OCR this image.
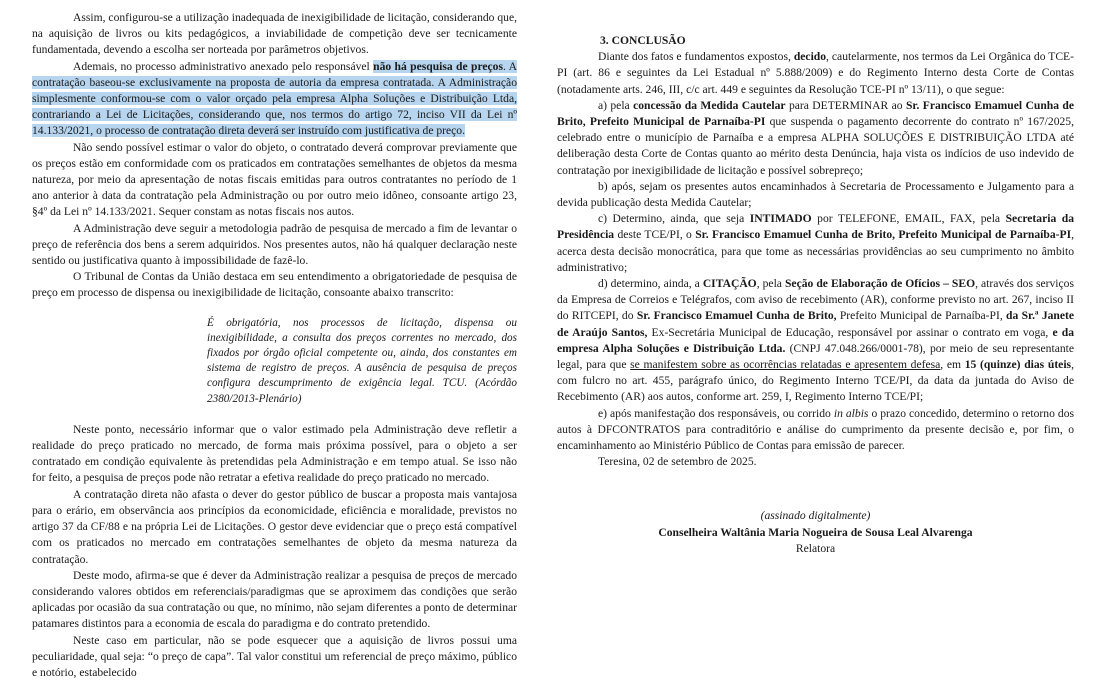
Assim, configurou-se a utilização inadequada de inexigibilidade de licitação, considerando que, na aquisição de livros ou kits pedagógicos, a inviabilidade de competição deve ser tecnicamente fundamentada, devendo a escolha ser norteada por parâmetros objetivos.

Ademais, no processo administrativo anexado pelo responsável não há pesquisa de preços. A contratação baseou-se exclusivamente na proposta de autoria da empresa contratada. A Administração simplesmente conformou-se com o valor orçado pela empresa Alpha Soluções e Distribuição Ltda, contrariando a Lei de Licitações, considerando que, nos termos do artigo 72, inciso VII da Lei nº 14.133/2021, o processo de contratação direta deverá ser instruído com justificativa de preço.

Não sendo possível estimar o valor do objeto, o contratado deverá comprovar previamente que os preços estão em conformidade com os praticados em contratações semelhantes de objetos da mesma natureza, por meio da apresentação de notas fiscais emitidas para outros contratantes no período de 1 ano anterior à data da contratação pela Administração ou por outro meio idôneo, consoante artigo 23, §4º da Lei nº 14.133/2021. Sequer constam as notas fiscais nos autos.

A Administração deve seguir a metodologia padrão de pesquisa de mercado a fim de levantar o preço de referência dos bens a serem adquiridos. Nos presentes autos, não há qualquer declaração neste sentido ou justificativa quanto à impossibilidade de fazê-lo.

O Tribunal de Contas da União destaca em seu entendimento a obrigatoriedade de pesquisa de preço em processo de dispensa ou inexigibilidade de licitação, consoante abaixo transcrito:

É obrigatória, nos processos de licitação, dispensa ou inexigibilidade, a consulta dos preços correntes no mercado, dos fixados por órgão oficial competente ou, ainda, dos constantes em sistema de registro de preços. A ausência de pesquisa de preços configura descumprimento de exigência legal. TCU. (Acórdão 2380/2013-Plenário)

Neste ponto, necessário informar que o valor estimado pela Administração deve refletir a realidade do preço praticado no mercado, de forma mais próxima possível, para o objeto a ser contratado em condição equivalente às pretendidas pela Administração e em tempo atual. Se isso não for feito, a pesquisa de preços pode não retratar a efetiva realidade do preço praticado no mercado.

A contratação direta não afasta o dever do gestor público de buscar a proposta mais vantajosa para o erário, em observância aos princípios da economicidade, eficiência e moralidade, previstos no artigo 37 da CF/88 e na própria Lei de Licitações. O gestor deve evidenciar que o preço está compatível com os praticados no mercado em contratações semelhantes de objeto da mesma natureza da contratação.

Deste modo, afirma-se que é dever da Administração realizar a pesquisa de preços de mercado considerando valores obtidos em referenciais/paradigmas que se aproximem das condições que serão aplicadas por ocasião da sua contratação ou que, no mínimo, não sejam diferentes a ponto de determinar patamares distintos para a economia de escala do paradigma e do contrato pretendido.

Neste caso em particular, não se pode esquecer que a aquisição de livros possui uma peculiaridade, qual seja: “o preço de capa”. Tal valor constitui um referencial de preço máximo, público e notório, estabelecido

3. CONCLUSÃO

Diante dos fatos e fundamentos expostos, decido, cautelarmente, nos termos da Lei Orgânica do TCE-PI (art. 86 e seguintes da Lei Estadual nº 5.888/2009) e do Regimento Interno desta Corte de Contas (notadamente arts. 246, III, c/c art. 449 e seguintes da Resolução TCE-PI nº 13/11), o que segue:

a) pela concessão da Medida Cautelar para DETERMINAR ao Sr. Francisco Emamuel Cunha de Brito, Prefeito Municipal de Parnaíba-PI que suspenda o pagamento decorrente do contrato nº 167/2025, celebrado entre o município de Parnaíba e a empresa ALPHA SOLUÇÕES E DISTRIBUIÇÃO LTDA até deliberação desta Corte de Contas quanto ao mérito desta Denúncia, haja vista os indícios de uso indevido de contratação por inexigibilidade de licitação e possível sobrepreço;

b) após, sejam os presentes autos encaminhados à Secretaria de Processamento e Julgamento para a devida publicação desta Medida Cautelar;

c) Determino, ainda, que seja INTIMADO por TELEFONE, EMAIL, FAX, pela Secretaria da Presidência deste TCE/PI, o Sr. Francisco Emamuel Cunha de Brito, Prefeito Municipal de Parnaíba-PI, acerca desta decisão monocrática, para que tome as necessárias providências ao seu cumprimento no âmbito administrativo;

d) determino, ainda, a CITAÇÃO, pela Seção de Elaboração de Ofícios – SEO, através dos serviços da Empresa de Correios e Telégrafos, com aviso de recebimento (AR), conforme previsto no art. 267, inciso II do RITCEPI, do Sr. Francisco Emamuel Cunha de Brito, Prefeito Municipal de Parnaíba-PI, da Sr.ª Janete de Araújo Santos, Ex-Secretária Municipal de Educação, responsável por assinar o contrato em voga, e da empresa Alpha Soluções e Distribuição Ltda. (CNPJ 47.048.266/0001-78), por meio de seu representante legal, para que se manifestem sobre as ocorrências relatadas e apresentem defesa, em 15 (quinze) dias úteis, com fulcro no art. 455, parágrafo único, do Regimento Interno TCE/PI, da data da juntada do Aviso de Recebimento (AR) aos autos, conforme art. 259, I, Regimento Interno TCE/PI;

e) após manifestação dos responsáveis, ou corrido in albis o prazo concedido, determino o retorno dos autos à DFCONTRATOS para contraditório e análise do cumprimento da presente decisão e, por fim, o encaminhamento ao Ministério Público de Contas para emissão de parecer.

Teresina, 02 de setembro de 2025.

(assinado digitalmente)

Conselheira Waltânia Maria Nogueira de Sousa Leal Alvarenga

Relatora
